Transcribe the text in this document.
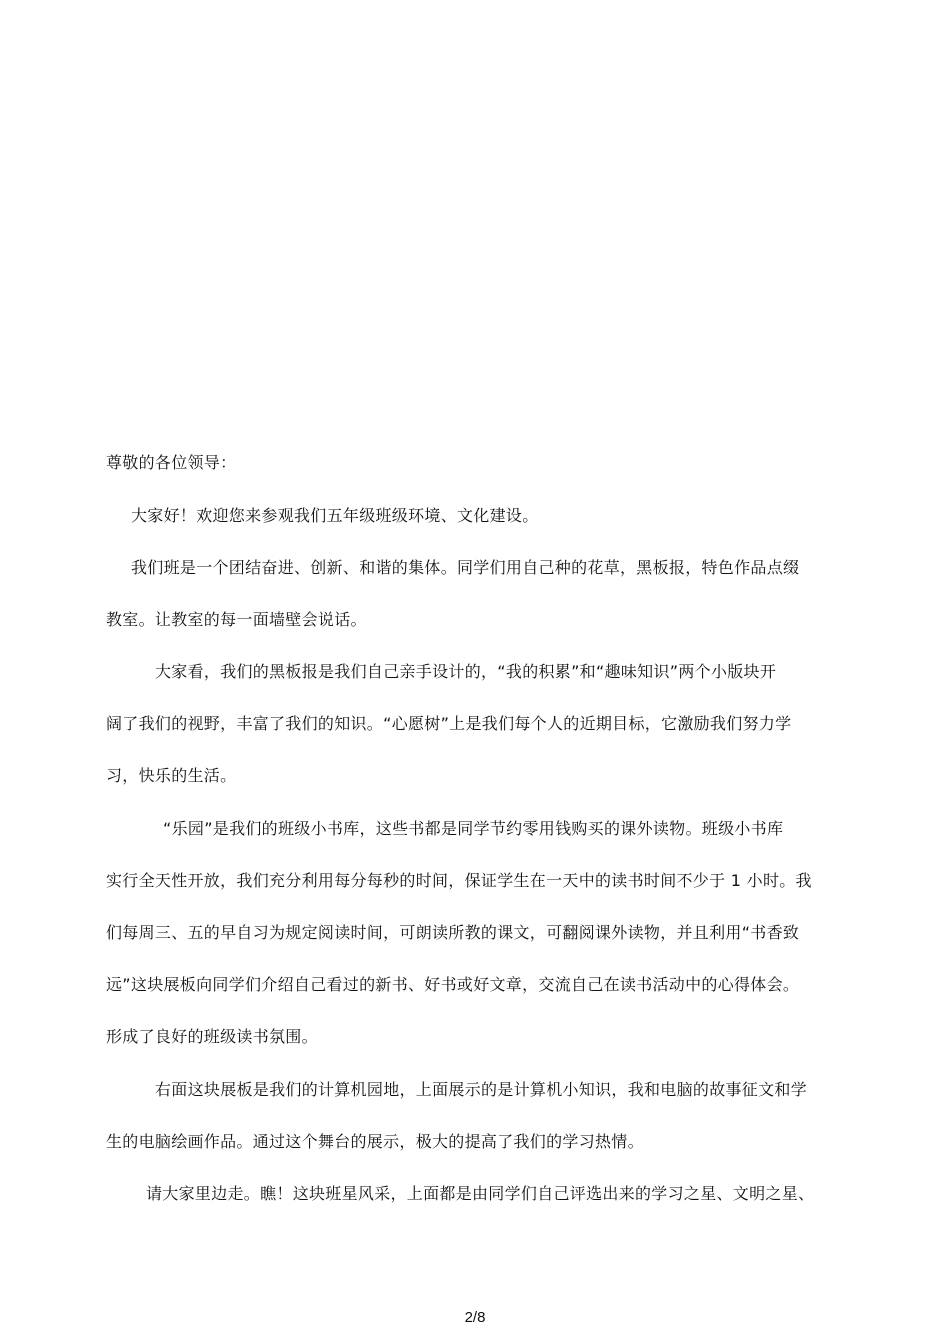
尊敬的各位领导：
大家好！欢迎您来参观我们五年级班级环境、文化建设。
我们班是一个团结奋进、创新、和谐的集体。同学们用自己种的花草，黑板报，特色作品点缀
教室。让教室的每一面墙壁会说话。
大家看，我们的黑板报是我们自己亲手设计的，“我的积累”和“趣味知识”两个小版块开
阔了我们的视野，丰富了我们的知识。“心愿树”上是我们每个人的近期目标，它激励我们努力学
习，快乐的生活。
“乐园”是我们的班级小书库，这些书都是同学节约零用钱购买的课外读物。班级小书库
实行全天性开放，我们充分利用每分每秒的时间，保证学生在一天中的读书时间不少于 1 小时。我
们每周三、五的早自习为规定阅读时间，可朗读所教的课文，可翻阅课外读物，并且利用“书香致
远”这块展板向同学们介绍自己看过的新书、好书或好文章，交流自己在读书活动中的心得体会。
形成了良好的班级读书氛围。
右面这块展板是我们的计算机园地，上面展示的是计算机小知识，我和电脑的故事征文和学
生的电脑绘画作品。通过这个舞台的展示，极大的提高了我们的学习热情。
请大家里边走。瞧！这块班星风采，上面都是由同学们自己评选出来的学习之星、文明之星、
2/8
